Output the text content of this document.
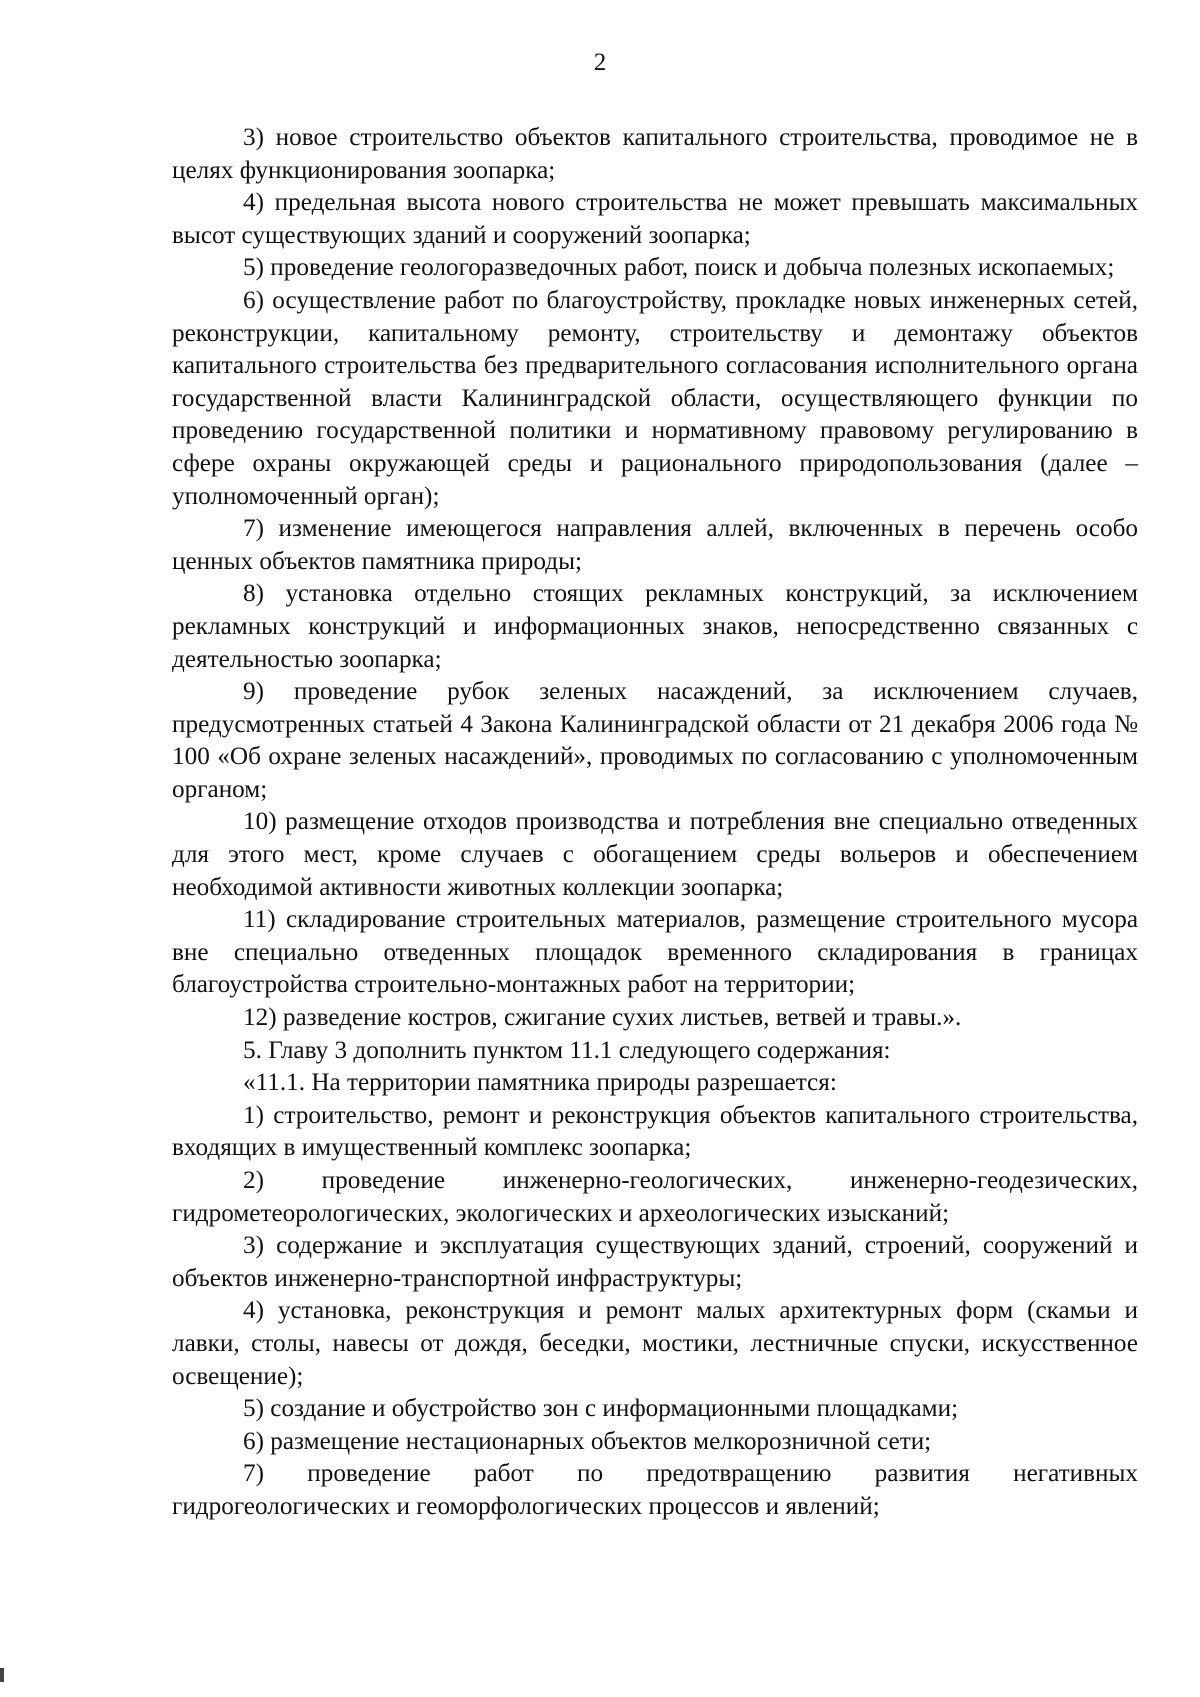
2

3) новое строительство объектов капитального строительства, проводимое не в целях функционирования зоопарка;

4) предельная высота нового строительства не может превышать максимальных высот существующих зданий и сооружений зоопарка;

5) проведение геологоразведочных работ, поиск и добыча полезных ископаемых;

6) осуществление работ по благоустройству, прокладке новых инженерных сетей, реконструкции, капитальному ремонту, строительству и демонтажу объектов капитального строительства без предварительного согласования исполнительного органа государственной власти Калининградской области, осуществляющего функции по проведению государственной политики и нормативному правовому регулированию в сфере охраны окружающей среды и рационального природопользования (далее – уполномоченный орган);

7) изменение имеющегося направления аллей, включенных в перечень особо ценных объектов памятника природы;

8) установка отдельно стоящих рекламных конструкций, за исключением рекламных конструкций и информационных знаков, непосредственно связанных с деятельностью зоопарка;

9) проведение рубок зеленых насаждений, за исключением случаев, предусмотренных статьей 4 Закона Калининградской области от 21 декабря 2006 года № 100 «Об охране зеленых насаждений», проводимых по согласованию с уполномоченным органом;

10) размещение отходов производства и потребления вне специально отведенных для этого мест, кроме случаев с обогащением среды вольеров и обеспечением необходимой активности животных коллекции зоопарка;

11) складирование строительных материалов, размещение строительного мусора вне специально отведенных площадок временного складирования в границах благоустройства строительно-монтажных работ на территории;

12) разведение костров, сжигание сухих листьев, ветвей и травы.».

5. Главу 3 дополнить пунктом 11.1 следующего содержания:

«11.1. На территории памятника природы разрешается:

1) строительство, ремонт и реконструкция объектов капитального строительства, входящих в имущественный комплекс зоопарка;

2) проведение инженерно-геологических, инженерно-геодезических, гидрометеорологических, экологических и археологических изысканий;

3) содержание и эксплуатация существующих зданий, строений, сооружений и объектов инженерно-транспортной инфраструктуры;

4) установка, реконструкция и ремонт малых архитектурных форм (скамьи и лавки, столы, навесы от дождя, беседки, мостики, лестничные спуски, искусственное освещение);

5) создание и обустройство зон с информационными площадками;

6) размещение нестационарных объектов мелкорозничной сети;

7) проведение работ по предотвращению развития негативных гидрогеологических и геоморфологических процессов и явлений;
